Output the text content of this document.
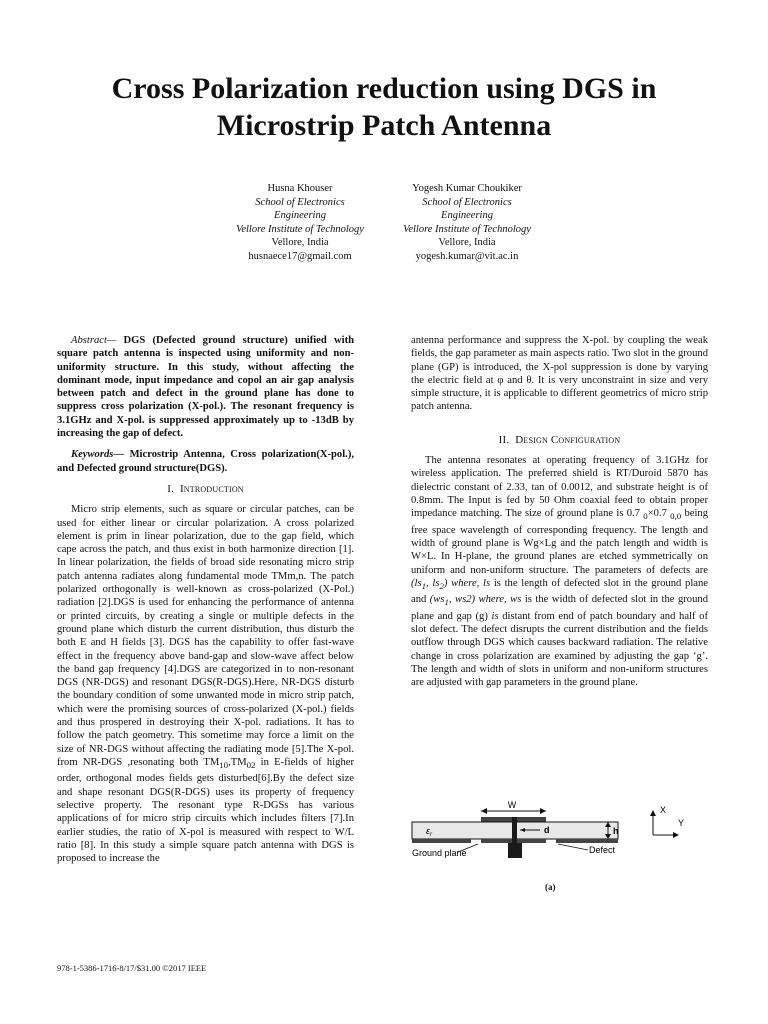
Cross Polarization reduction using DGS in Microstrip Patch Antenna
Husna Khouser
School of Electronics
Engineering
Vellore Institute of Technology
Vellore, India
husnaece17@gmail.com
Yogesh Kumar Choukiker
School of Electronics
Engineering
Vellore Institute of Technology
Vellore, India
yogesh.kumar@vit.ac.in

Abstract— DGS (Defected ground structure) unified with square patch antenna is inspected using uniformity and non-uniformity structure. In this study, without affecting the dominant mode, input impedance and copol an air gap analysis between patch and defect in the ground plane has done to suppress cross polarization (X-pol.). The resonant frequency is 3.1GHz and X-pol. is suppressed approximately up to -13dB by increasing the gap of defect.

Keywords— Microstrip Antenna, Cross polarization(X-pol.), and Defected ground structure(DGS).

I. Introduction

Micro strip elements, such as square or circular patches, can be used for either linear or circular polarization. A cross polarized element is prim in linear polarization, due to the gap field, which cape across the patch, and thus exist in both harmonize direction [1]. In linear polarization, the fields of broad side resonating micro strip patch antenna radiates along fundamental mode TMm,n. The patch polarized orthogonally is well-known as cross-polarized (X-Pol.) radiation [2].DGS is used for enhancing the performance of antenna or printed circuits, by creating a single or multiple defects in the ground plane which disturb the current distribution, thus disturb the both E and H fields [3]. DGS has the capability to offer fast-wave effect in the frequency above band-gap and slow-wave affect below the band gap frequency [4].DGS are categorized in to non-resonant DGS (NR-DGS) and resonant DGS(R-DGS).Here, NR-DGS disturb the boundary condition of some unwanted mode in micro strip patch, which were the promising sources of cross-polarized (X-pol.) fields and thus prospered in destroying their X-pol. radiations. It has to follow the patch geometry. This sometime may force a limit on the size of NR-DGS without affecting the radiating mode [5].The X-pol. from NR-DGS ,resonating both $TM_{10},TM_{02}$ in E-fields of higher order, orthogonal modes fields gets disturbed[6].By the defect size and shape resonant DGS(R-DGS) uses its property of frequency selective property. The resonant type R-DGSs has various applications of for micro strip circuits which includes filters [7].In earlier studies, the ratio of X-pol is measured with respect to W/L ratio [8]. In this study a simple square patch antenna with DGS is proposed to increase the

antenna performance and suppress the X-pol. by coupling the weak fields, the gap parameter as main aspects ratio. Two slot in the ground plane (GP) is introduced, the X-pol suppression is done by varying the electric field at φ and θ. It is very unconstraint in size and very simple structure, it is applicable to different geometrics of micro strip patch antenna.

II. Design Configuration

The antenna resonates at operating frequency of 3.1GHz for wireless application. The preferred shield is RT/Duroid 5870 has dielectric constant of 2.33, tan of 0.0012, and substrate height is of 0.8mm. The Input is fed by 50 Ohm coaxial feed to obtain proper impedance matching. The size of ground plane is 0.7 $_0$×0.7 $_{0,0}$ being free space wavelength of corresponding frequency. The length and width of ground plane is Wg×Lg and the patch length and width is W×L. In H-plane, the ground planes are etched symmetrically on uniform and non-uniform structure. The parameters of defects are ($ls_1$, $ls_2$) where, ls is the length of defected slot in the ground plane and ($ws_1$, ws2) where, ws is the width of defected slot in the ground plane and gap (g) is distant from end of patch boundary and half of slot defect. The defect disrupts the current distribution and the fields outflow through DGS which causes backward radiation. The relative change in cross polarization are examined by adjusting the gap ‘g’. The length and width of slots in uniform and non-uniform structures are adjusted with gap parameters in the ground plane.

W
d
$\varepsilon_r$	h
X
Y
Ground plane	Defect
(a)
978-1-5386-1716-8/17/$31.00 ©2017 IEEE
